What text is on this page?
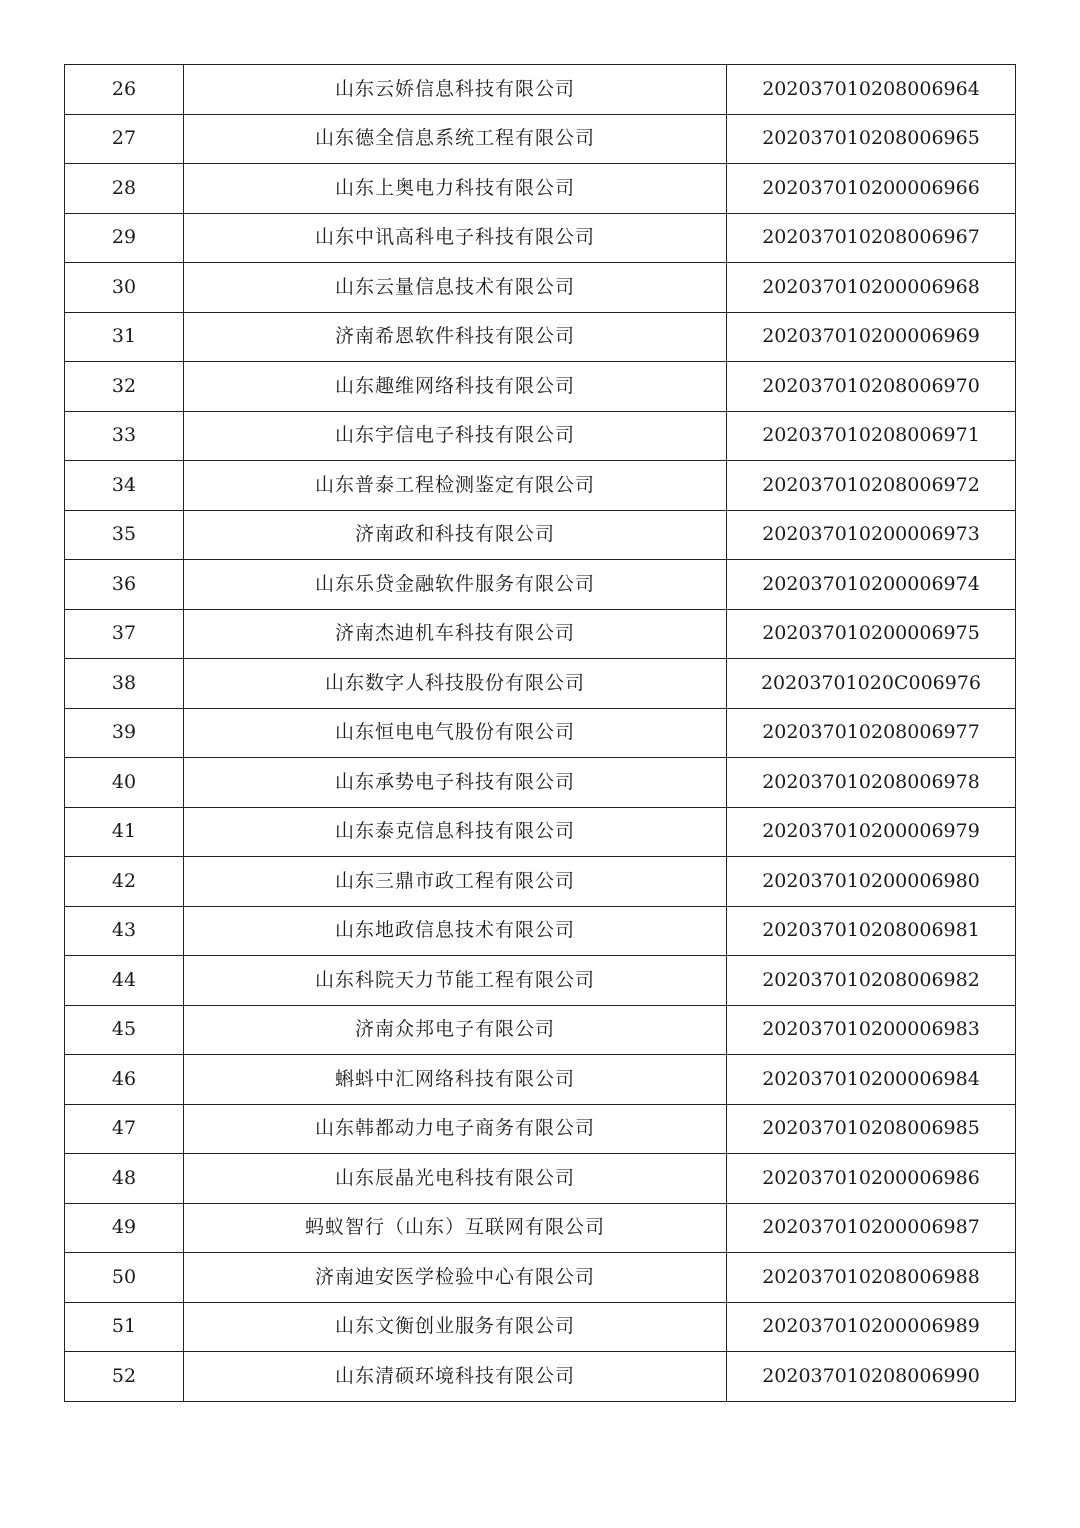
26	山东云娇信息科技有限公司	202037010208006964
27	山东德全信息系统工程有限公司	202037010208006965
28	山东上奥电力科技有限公司	202037010200006966
29	山东中讯高科电子科技有限公司	202037010208006967
30	山东云量信息技术有限公司	202037010200006968
31	济南希恩软件科技有限公司	202037010200006969
32	山东趣维网络科技有限公司	202037010208006970
33	山东宇信电子科技有限公司	202037010208006971
34	山东普泰工程检测鉴定有限公司	202037010208006972
35	济南政和科技有限公司	202037010200006973
36	山东乐贷金融软件服务有限公司	202037010200006974
37	济南杰迪机车科技有限公司	202037010200006975
38	山东数字人科技股份有限公司	20203701020C006976
39	山东恒电电气股份有限公司	202037010208006977
40	山东承势电子科技有限公司	202037010208006978
41	山东泰克信息科技有限公司	202037010200006979
42	山东三鼎市政工程有限公司	202037010200006980
43	山东地政信息技术有限公司	202037010208006981
44	山东科院天力节能工程有限公司	202037010208006982
45	济南众邦电子有限公司	202037010200006983
46	蝌蚪中汇网络科技有限公司	202037010200006984
47	山东韩都动力电子商务有限公司	202037010208006985
48	山东辰晶光电科技有限公司	202037010200006986
49	蚂蚁智行（山东）互联网有限公司	202037010200006987
50	济南迪安医学检验中心有限公司	202037010208006988
51	山东文衡创业服务有限公司	202037010200006989
52	山东清硕环境科技有限公司	202037010208006990
